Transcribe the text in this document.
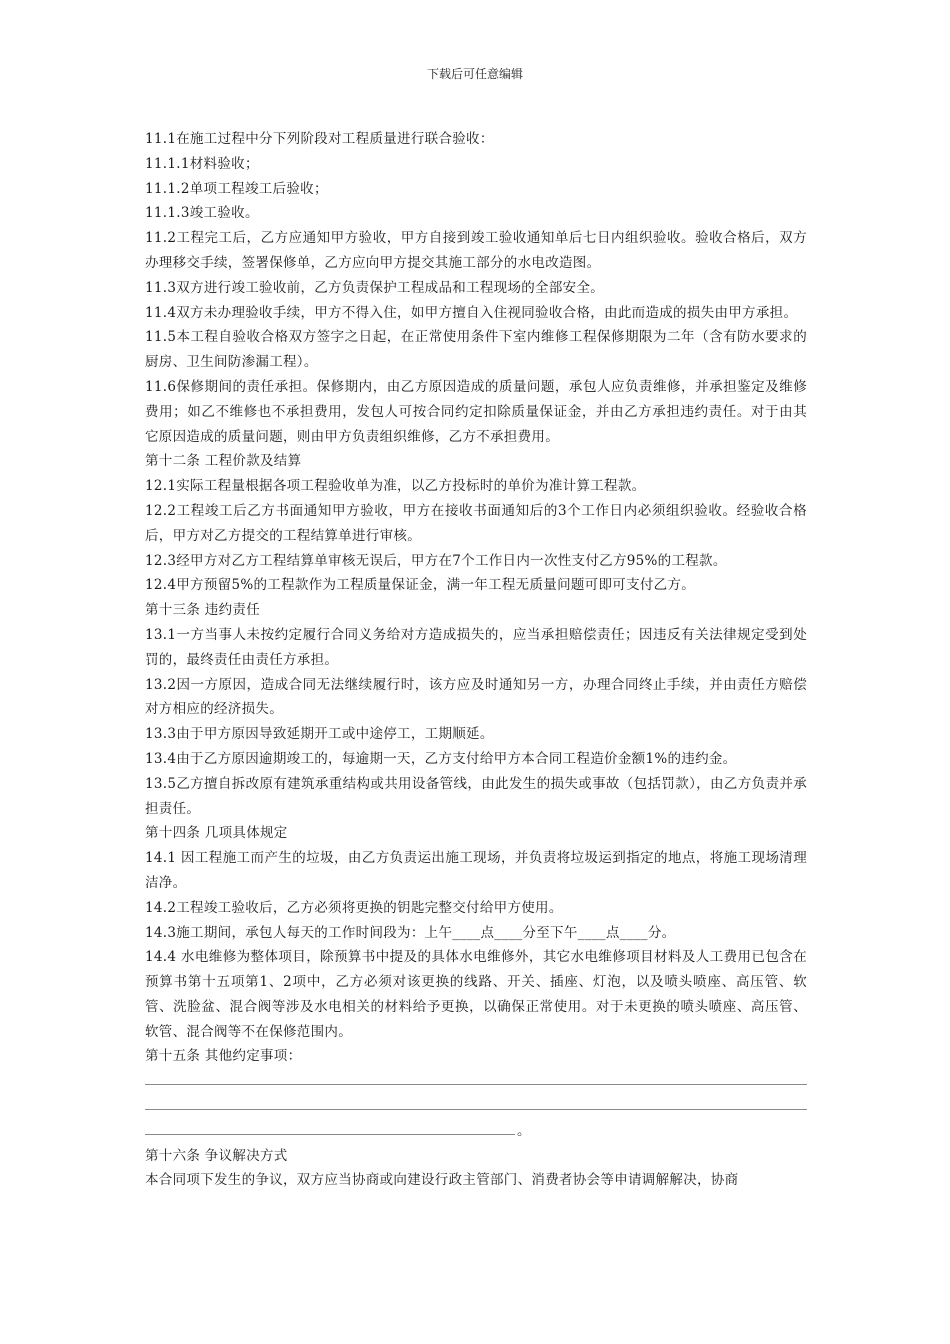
下载后可任意编辑

11.1在施工过程中分下列阶段对工程质量进行联合验收：

11.1.1材料验收；

11.1.2单项工程竣工后验收；

11.1.3竣工验收。

11.2工程完工后，乙方应通知甲方验收，甲方自接到竣工验收通知单后七日内组织验收。验收合格后，双方办理移交手续，签署保修单，乙方应向甲方提交其施工部分的水电改造图。

11.3双方进行竣工验收前，乙方负责保护工程成品和工程现场的全部安全。

11.4双方未办理验收手续，甲方不得入住，如甲方擅自入住视同验收合格，由此而造成的损失由甲方承担。

11.5本工程自验收合格双方签字之日起，在正常使用条件下室内维修工程保修期限为二年（含有防水要求的厨房、卫生间防渗漏工程）。

11.6保修期间的责任承担。保修期内，由乙方原因造成的质量问题，承包人应负责维修，并承担鉴定及维修费用；如乙不维修也不承担费用，发包人可按合同约定扣除质量保证金，并由乙方承担违约责任。对于由其它原因造成的质量问题，则由甲方负责组织维修，乙方不承担费用。

第十二条 工程价款及结算

12.1实际工程量根据各项工程验收单为准，以乙方投标时的单价为准计算工程款。

12.2工程竣工后乙方书面通知甲方验收，甲方在接收书面通知后的3个工作日内必须组织验收。经验收合格后，甲方对乙方提交的工程结算单进行审核。

12.3经甲方对乙方工程结算单审核无误后，甲方在7个工作日内一次性支付乙方95%的工程款。

12.4甲方预留5%的工程款作为工程质量保证金，满一年工程无质量问题可即可支付乙方。

第十三条 违约责任

13.1一方当事人未按约定履行合同义务给对方造成损失的，应当承担赔偿责任；因违反有关法律规定受到处罚的，最终责任由责任方承担。

13.2因一方原因，造成合同无法继续履行时，该方应及时通知另一方，办理合同终止手续，并由责任方赔偿对方相应的经济损失。

13.3由于甲方原因导致延期开工或中途停工，工期顺延。

13.4由于乙方原因逾期竣工的，每逾期一天，乙方支付给甲方本合同工程造价金额1%的违约金。

13.5乙方擅自拆改原有建筑承重结构或共用设备管线，由此发生的损失或事故（包括罚款），由乙方负责并承担责任。

第十四条 几项具体规定

14.1 因工程施工而产生的垃圾，由乙方负责运出施工现场，并负责将垃圾运到指定的地点，将施工现场清理洁净。

14.2工程竣工验收后，乙方必须将更换的钥匙完整交付给甲方使用。

14.3施工期间，承包人每天的工作时间段为：上午____点____分至下午____点____分。

14.4 水电维修为整体项目，除预算书中提及的具体水电维修外，其它水电维修项目材料及人工费用已包含在预算书第十五项第1、2项中，乙方必须对该更换的线路、开关、插座、灯泡，以及喷头喷座、高压管、软管、洗脸盆、混合阀等涉及水电相关的材料给予更换，以确保正常使用。对于未更换的喷头喷座、高压管、软管、混合阀等不在保修范围内。

第十五条 其他约定事项：

。

第十六条 争议解决方式

本合同项下发生的争议，双方应当协商或向建设行政主管部门、消费者协会等申请调解解决，协商
